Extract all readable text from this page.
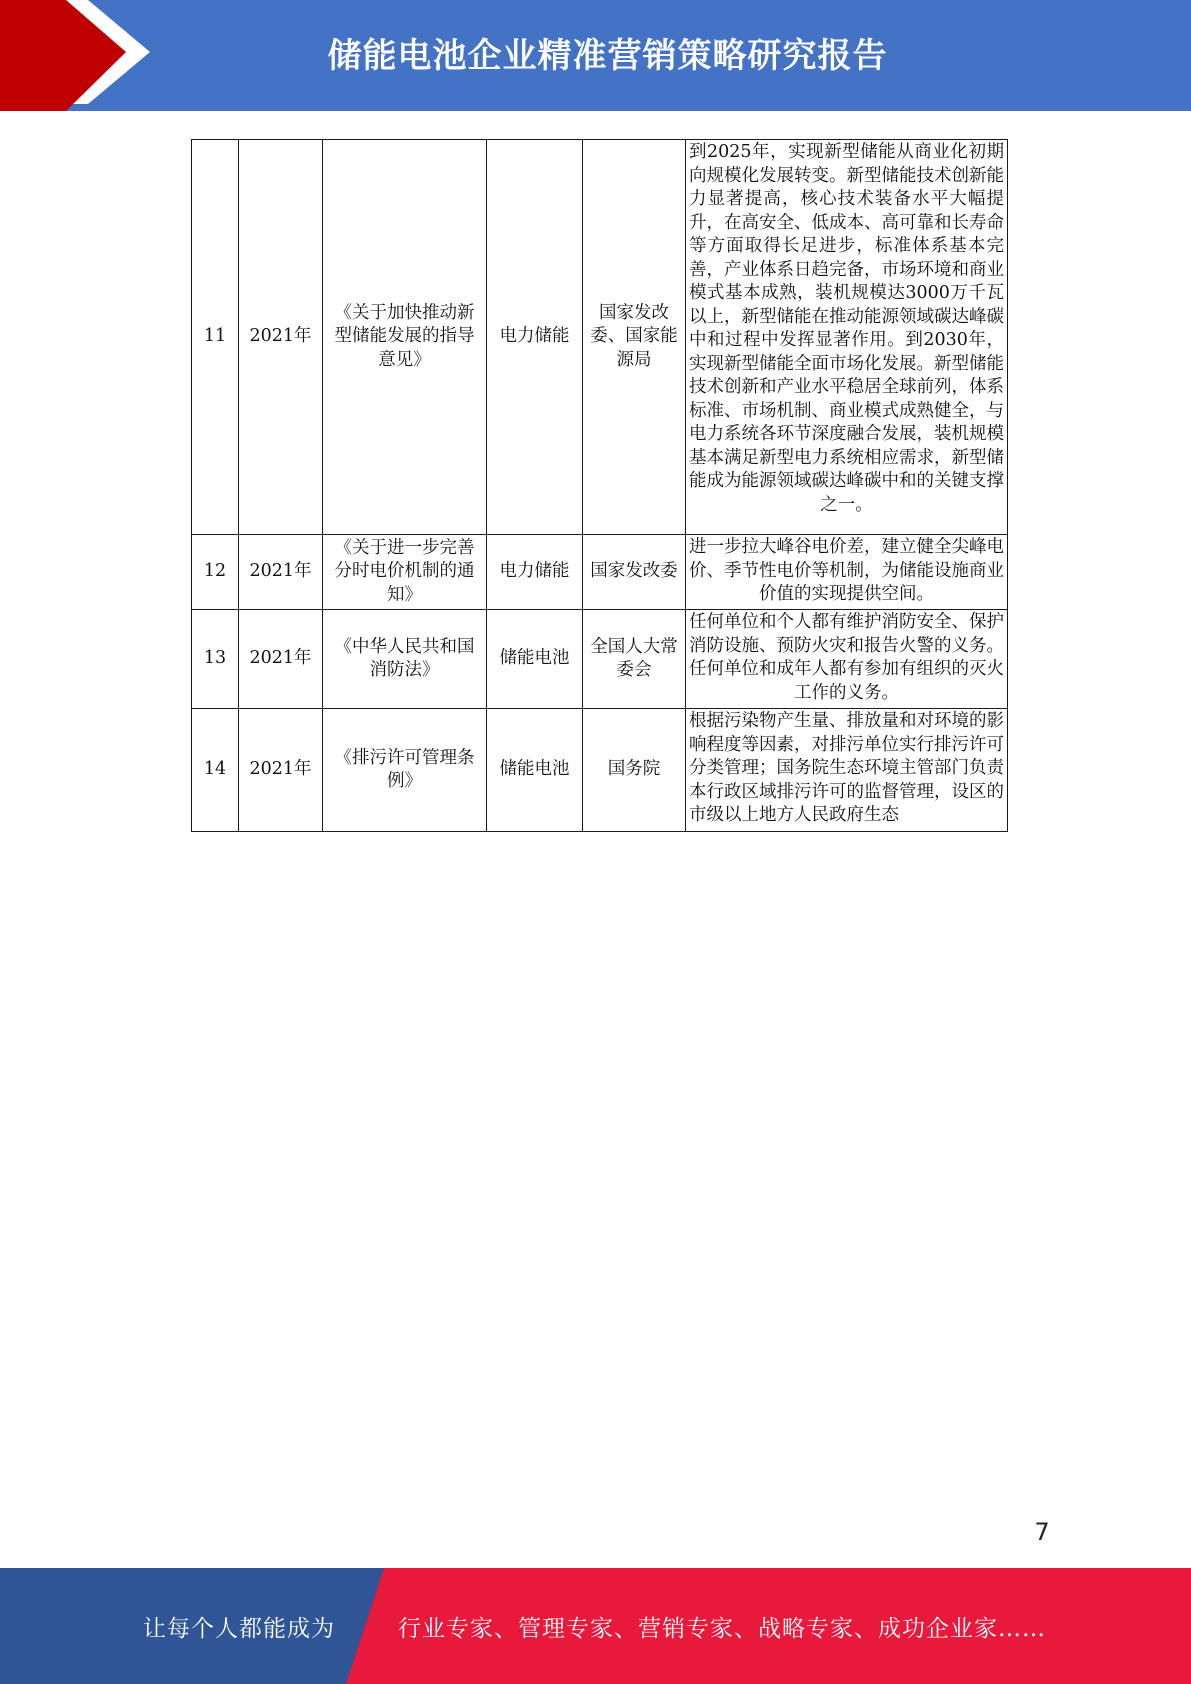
储能电池企业精准营销策略研究报告
11	2021年	《关于加快推动新型储能发展的指导意见》	电力储能	国家发改委、国家能源局	到2025年，实现新型储能从商业化初期向规模化发展转变。新型储能技术创新能力显著提高，核心技术装备水平大幅提升，在高安全、低成本、高可靠和长寿命等方面取得长足进步，标准体系基本完善，产业体系日趋完备，市场环境和商业模式基本成熟，装机规模达3000万千瓦以上，新型储能在推动能源领域碳达峰碳中和过程中发挥显著作用。到2030年，实现新型储能全面市场化发展。新型储能技术创新和产业水平稳居全球前列，体系标准、市场机制、商业模式成熟健全，与电力系统各环节深度融合发展，装机规模基本满足新型电力系统相应需求，新型储能成为能源领域碳达峰碳中和的关键支撑之一。
12	2021年	《关于进一步完善分时电价机制的通知》	电力储能	国家发改委	进一步拉大峰谷电价差，建立健全尖峰电价、季节性电价等机制，为储能设施商业价值的实现提供空间。
13	2021年	《中华人民共和国消防法》	储能电池	全国人大常委会	任何单位和个人都有维护消防安全、保护消防设施、预防火灾和报告火警的义务。任何单位和成年人都有参加有组织的灭火工作的义务。
14	2021年	《排污许可管理条例》	储能电池	国务院	根据污染物产生量、排放量和对环境的影响程度等因素，对排污单位实行排污许可分类管理；国务院生态环境主管部门负责本行政区域排污许可的监督管理，设区的市级以上地方人民政府生态
7
让每个人都能成为	行业专家、管理专家、营销专家、战略专家、成功企业家……
